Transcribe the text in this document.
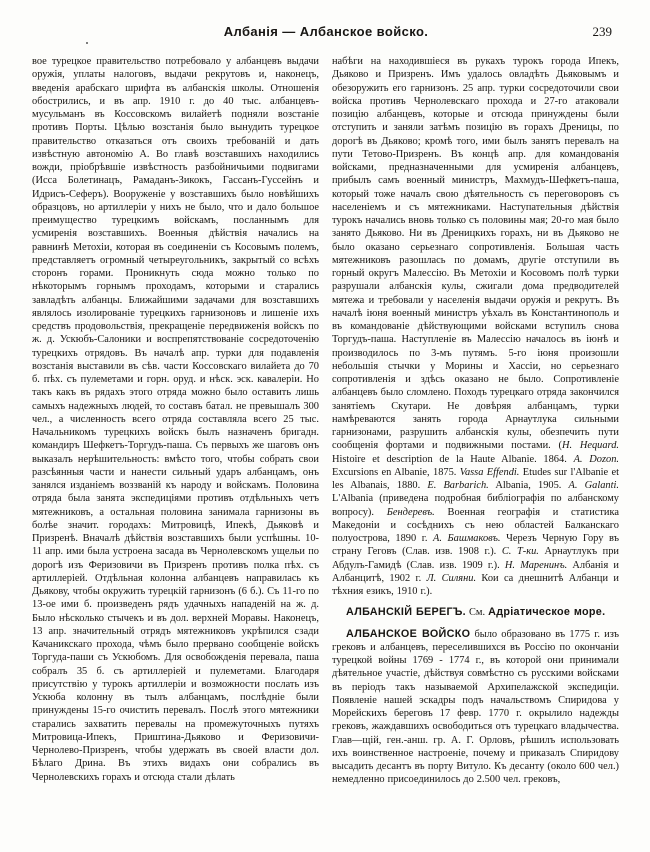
Албанія — Албанское войско.	239

вое турецкое правительство потребовало у албанцевъ выдачи оружія, уплаты налоговъ, выдачи рекрутовъ и, наконецъ, введенія арабскаго шрифта въ албанскія школы. Отношенія обострились, и въ апр. 1910 г. до 40 тыс. албанцевъ-мусульманъ въ Коссовскомъ вилайетѣ подняли возстаніе противъ Порты. Цѣлью возстанія было вынудить турецкое правительство отказаться отъ своихъ требованій и дать извѣстную автономію А. Во главѣ возставшихъ находились вожди, пріобрѣвшіе извѣстность разбойничьими подвигами (Исса Болетинацъ, Рамаданъ-Зикокъ, Гассанъ-Гуссейнъ и Идрисъ-Сеферъ). Вооруженіе у возставшихъ было новѣйшихъ образцовъ, но артиллеріи у нихъ не было, что и дало большое преимущество турецкимъ войскамъ, посланнымъ для усмиренія возставшихъ. Военныя дѣйствія начались на равнинѣ Метохіи, которая въ соединеніи съ Косовымъ полемъ, представляетъ огромный четыреугольникъ, закрытый со всѣхъ сторонъ горами. Проникнуть сюда можно только по нѣкоторымъ горнымъ проходамъ, которыми и старались завладѣть албанцы. Ближайшими задачами для возставшихъ являлось изолированіе турецкихъ гарнизоновъ и лишеніе ихъ средствъ продовольствія, прекращеніе передвиженія войскъ по ж. д. Ускюбъ-Салоники и воспрепятствованіе сосредоточенію турецкихъ отрядовъ. Въ началѣ апр. турки для подавленія возстанія выставили въ сѣв. части Коссовскаго вилайета до 70 б. пѣх. съ пулеметами и горн. оруд. и нѣск. эск. кавалеріи. Но такъ какъ въ рядахъ этого отряда можно было оставить лишь самыхъ надежныхъ людей, то составъ батал. не превышалъ 300 чел., а численность всего отряда составляла всего 25 тыс. Начальникомъ турецкихъ войскъ былъ назначенъ бригадн. командиръ Шефкетъ-Торгудъ-паша. Съ первыхъ же шаговъ онъ выказалъ нерѣшительность: вмѣсто того, чтобы собрать свои разсѣянныя части и нанести сильный ударъ албанцамъ, онъ занялся изданіемъ воззваній къ народу и войскамъ. Половина отряда была занята экспедиціями противъ отдѣльныхъ четъ мятежниковъ, а остальная половина занимала гарнизоны въ болѣе значит. городахъ: Митровицѣ, Ипекѣ, Дьяковѣ и Призренѣ. Вначалѣ дѣйствія возставшихъ были успѣшны. 10-11 апр. ими была устроена засада въ Чернолевскомъ ущельи по дорогѣ изъ Феризовичи въ Призренъ противъ полка пѣх. съ артиллеріей. Отдѣльная колонна албанцевъ направилась къ Дьякову, чтобы окружить турецкій гарнизонъ (6 б.). Съ 11-го по 13-ое ими б. произведенъ рядъ удачныхъ нападеній на ж. д. Было нѣсколько стычекъ и въ дол. верхней Моравы. Наконецъ, 13 апр. значительный отрядъ мятежниковъ укрѣпился сзади Качаникскаго прохода, чѣмъ было прервано сообщеніе войскъ Торгуда-паши съ Ускюбомъ. Для освобожденія перевала, паша собралъ 35 б. съ артиллеріей и пулеметами. Благодаря присутствію у турокъ артиллеріи и возможности послать изъ Ускюба колонну въ тылъ албанцамъ, послѣдніе были принуждены 15-го очистить перевалъ. Послѣ этого мятежники старались захватить перевалы на промежуточныхъ путяхъ Митровица-Ипекъ, Приштина-Дьяково и Феризовичи-Чернолево-Призренъ, чтобы удержать въ своей власти дол. Бѣлаго Дрина. Въ этихъ видахъ они собрались въ Чернолевскихъ горахъ и отсюда стали дѣлать

набѣги на находившіеся въ рукахъ турокъ города Ипекъ, Дьяково и Призренъ. Имъ удалось овладѣть Дьяковымъ и обезоружить его гарнизонъ. 25 апр. турки сосредоточили свои войска противъ Чернолевскаго прохода и 27-го атаковали позицію албанцевъ, которые и отсюда принуждены были отступить и заняли затѣмъ позицію въ горахъ Дреницы, по дорогѣ въ Дьяково; кромѣ того, ими былъ занятъ перевалъ на пути Тетово-Призренъ. Въ концѣ апр. для командованія войсками, предназначенными для усмиренія албанцевъ, прибылъ самъ военный министръ, Махмудъ-Шефкетъ-паша, который тоже началъ свою дѣятельность съ переговоровъ съ населеніемъ и съ мятежниками. Наступательныя дѣйствія турокъ начались вновь только съ половины мая; 20-го мая было занято Дьяково. Ни въ Дреницкихъ горахъ, ни въ Дьяково не было оказано серьезнаго сопротивленія. Большая часть мятежниковъ разошлась по домамъ, другіе отступили въ горный округъ Малессію. Въ Метохіи и Косовомъ полѣ турки разрушали албанскія кулы, сжигали дома предводителей мятежа и требовали у населенія выдачи оружія и рекрутъ. Въ началѣ іюня военный министръ уѣхалъ въ Константинополь и въ командованіе дѣйствующими войсками вступилъ снова Торгудъ-паша. Наступленіе въ Малессію началось въ іюнѣ и производилось по 3-мъ путямъ. 5-го іюня произошли небольшія стычки у Морины и Хассіи, но серьезнаго сопротивленія и здѣсь оказано не было. Сопротивленіе албанцевъ было сломлено. Походъ турецкаго отряда закончился занятіемъ Скутари. Не довѣряя албанцамъ, турки намѣреваются занять города Арнаутлука сильными гарнизонами, разрушить албанскія кулы, обезпечить пути сообщенія фортами и подвижными постами. (Н. Hequard. Histoire et description de la Haute Albanie. 1864. A. Dozon. Excursions en Albanie, 1875. Vassa Effendi. Etudes sur l'Albanie et les Albanais, 1880. E. Barbarich. Albania, 1905. A. Galanti. L'Albania (приведена подробная библіографія по албанскому вопросу). Бендеревъ. Военная географія и статистика Македоніи и сосѣднихъ съ нею областей Балканскаго полуострова, 1890 г. А. Башмаковъ. Черезъ Черную Гору въ страну Геговъ (Слав. изв. 1908 г.). С. Т-ки. Арнаутлукъ при Абдулъ-Гамидѣ (Слав. изв. 1909 г.). Н. Маренинъ. Албанія и Албанцитѣ, 1902 г. Л. Силяни. Кои са днешнитѣ Албанци и тѣхния езикъ, 1910 г.).

АЛБАНСКІЙ БЕРЕГЪ. См. Адріатическое море.

АЛБАНСКОЕ ВОЙСКО было образовано въ 1775 г. изъ грековъ и албанцевъ, переселившихся въ Россію по окончаніи турецкой войны 1769 - 1774 г., въ которой они принимали дѣятельное участіе, дѣйствуя совмѣстно съ русскими войсками въ періодъ такъ называемой Архипелажской экспедиціи. Появленіе нашей эскадры подъ начальствомъ Спиридова у Морейскихъ береговъ 17 февр. 1770 г. окрылило надежды грековъ, жаждавшихъ освободиться отъ турецкаго владычества. Глав—щій, ген.-анш. гр. А. Г. Орловъ, рѣшилъ использовать ихъ воинственное настроеніе, почему и приказалъ Спиридову высадить десантъ въ порту Витуло. Къ десанту (около 600 чел.) немедленно присоединилось до 2.500 чел. грековъ,
